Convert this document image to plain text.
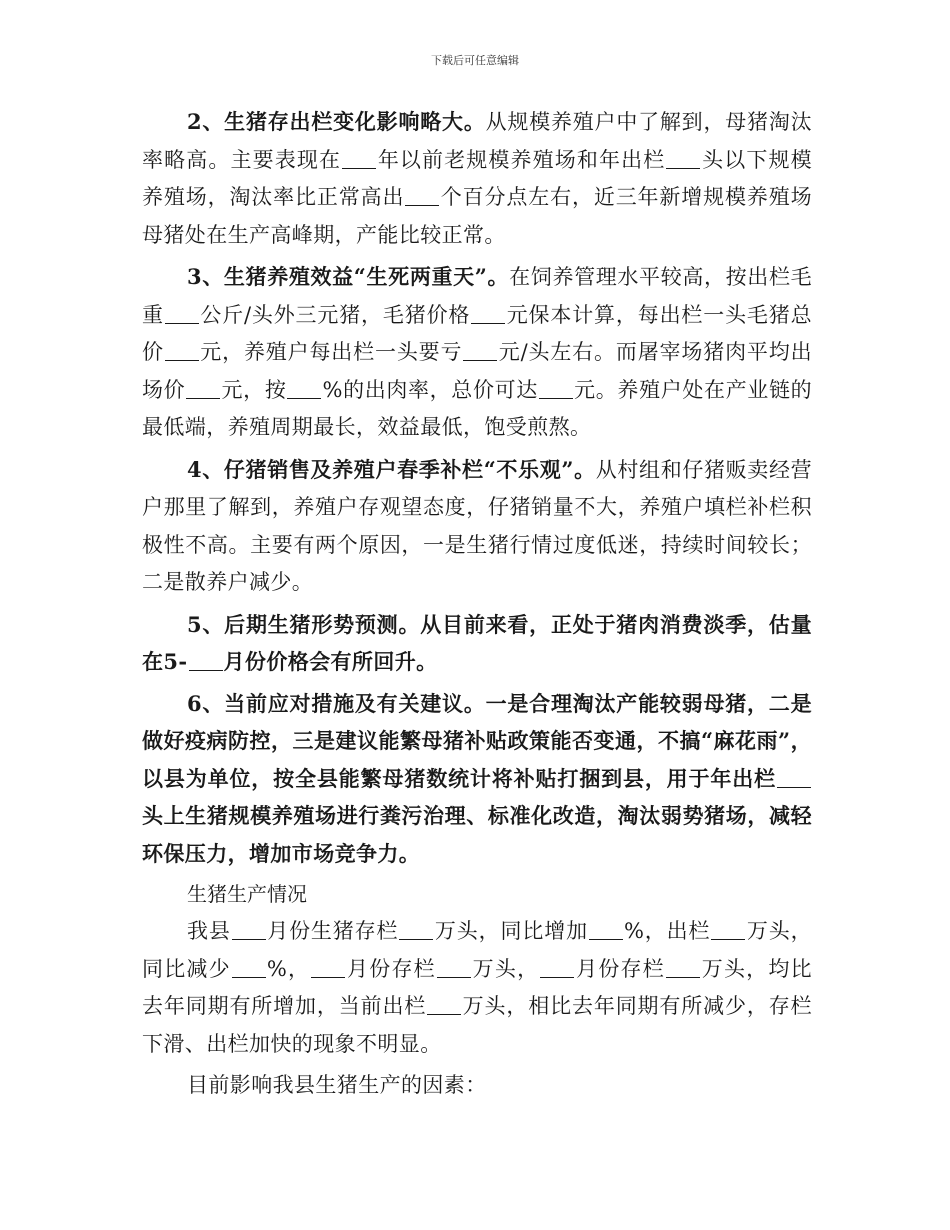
下载后可任意编辑

2、生猪存出栏变化影响略大。从规模养殖户中了解到，母猪淘汰率略高。主要表现在 年以前老规模养殖场和年出栏 头以下规模养殖场，淘汰率比正常高出 个百分点左右，近三年新增规模养殖场母猪处在生产高峰期，产能比较正常。

3、生猪养殖效益“生死两重天”。在饲养管理水平较高，按出栏毛重 公斤/头外三元猪，毛猪价格 元保本计算，每出栏一头毛猪总价 元，养殖户每出栏一头要亏 元/头左右。而屠宰场猪肉平均出场价 元，按 %的出肉率，总价可达 元。养殖户处在产业链的最低端，养殖周期最长，效益最低，饱受煎熬。

4、仔猪销售及养殖户春季补栏“不乐观”。从村组和仔猪贩卖经营户那里了解到，养殖户存观望态度，仔猪销量不大，养殖户填栏补栏积极性不高。主要有两个原因，一是生猪行情过度低迷，持续时间较长；二是散养户减少。

5、后期生猪形势预测。从目前来看，正处于猪肉消费淡季，估量在5- 月份价格会有所回升。

6、当前应对措施及有关建议。一是合理淘汰产能较弱母猪，二是做好疫病防控，三是建议能繁母猪补贴政策能否变通，不搞“麻花雨”，以县为单位，按全县能繁母猪数统计将补贴打捆到县，用于年出栏头上生猪规模养殖场进行粪污治理、标准化改造，淘汰弱势猪场，减轻环保压力，增加市场竞争力。

生猪生产情况

我县 月份生猪存栏 万头，同比增加 %，出栏 万头，同比减少 %， 月份存栏 万头， 月份存栏 万头，均比去年同期有所增加，当前出栏 万头，相比去年同期有所减少，存栏下滑、出栏加快的现象不明显。

目前影响我县生猪生产的因素：
